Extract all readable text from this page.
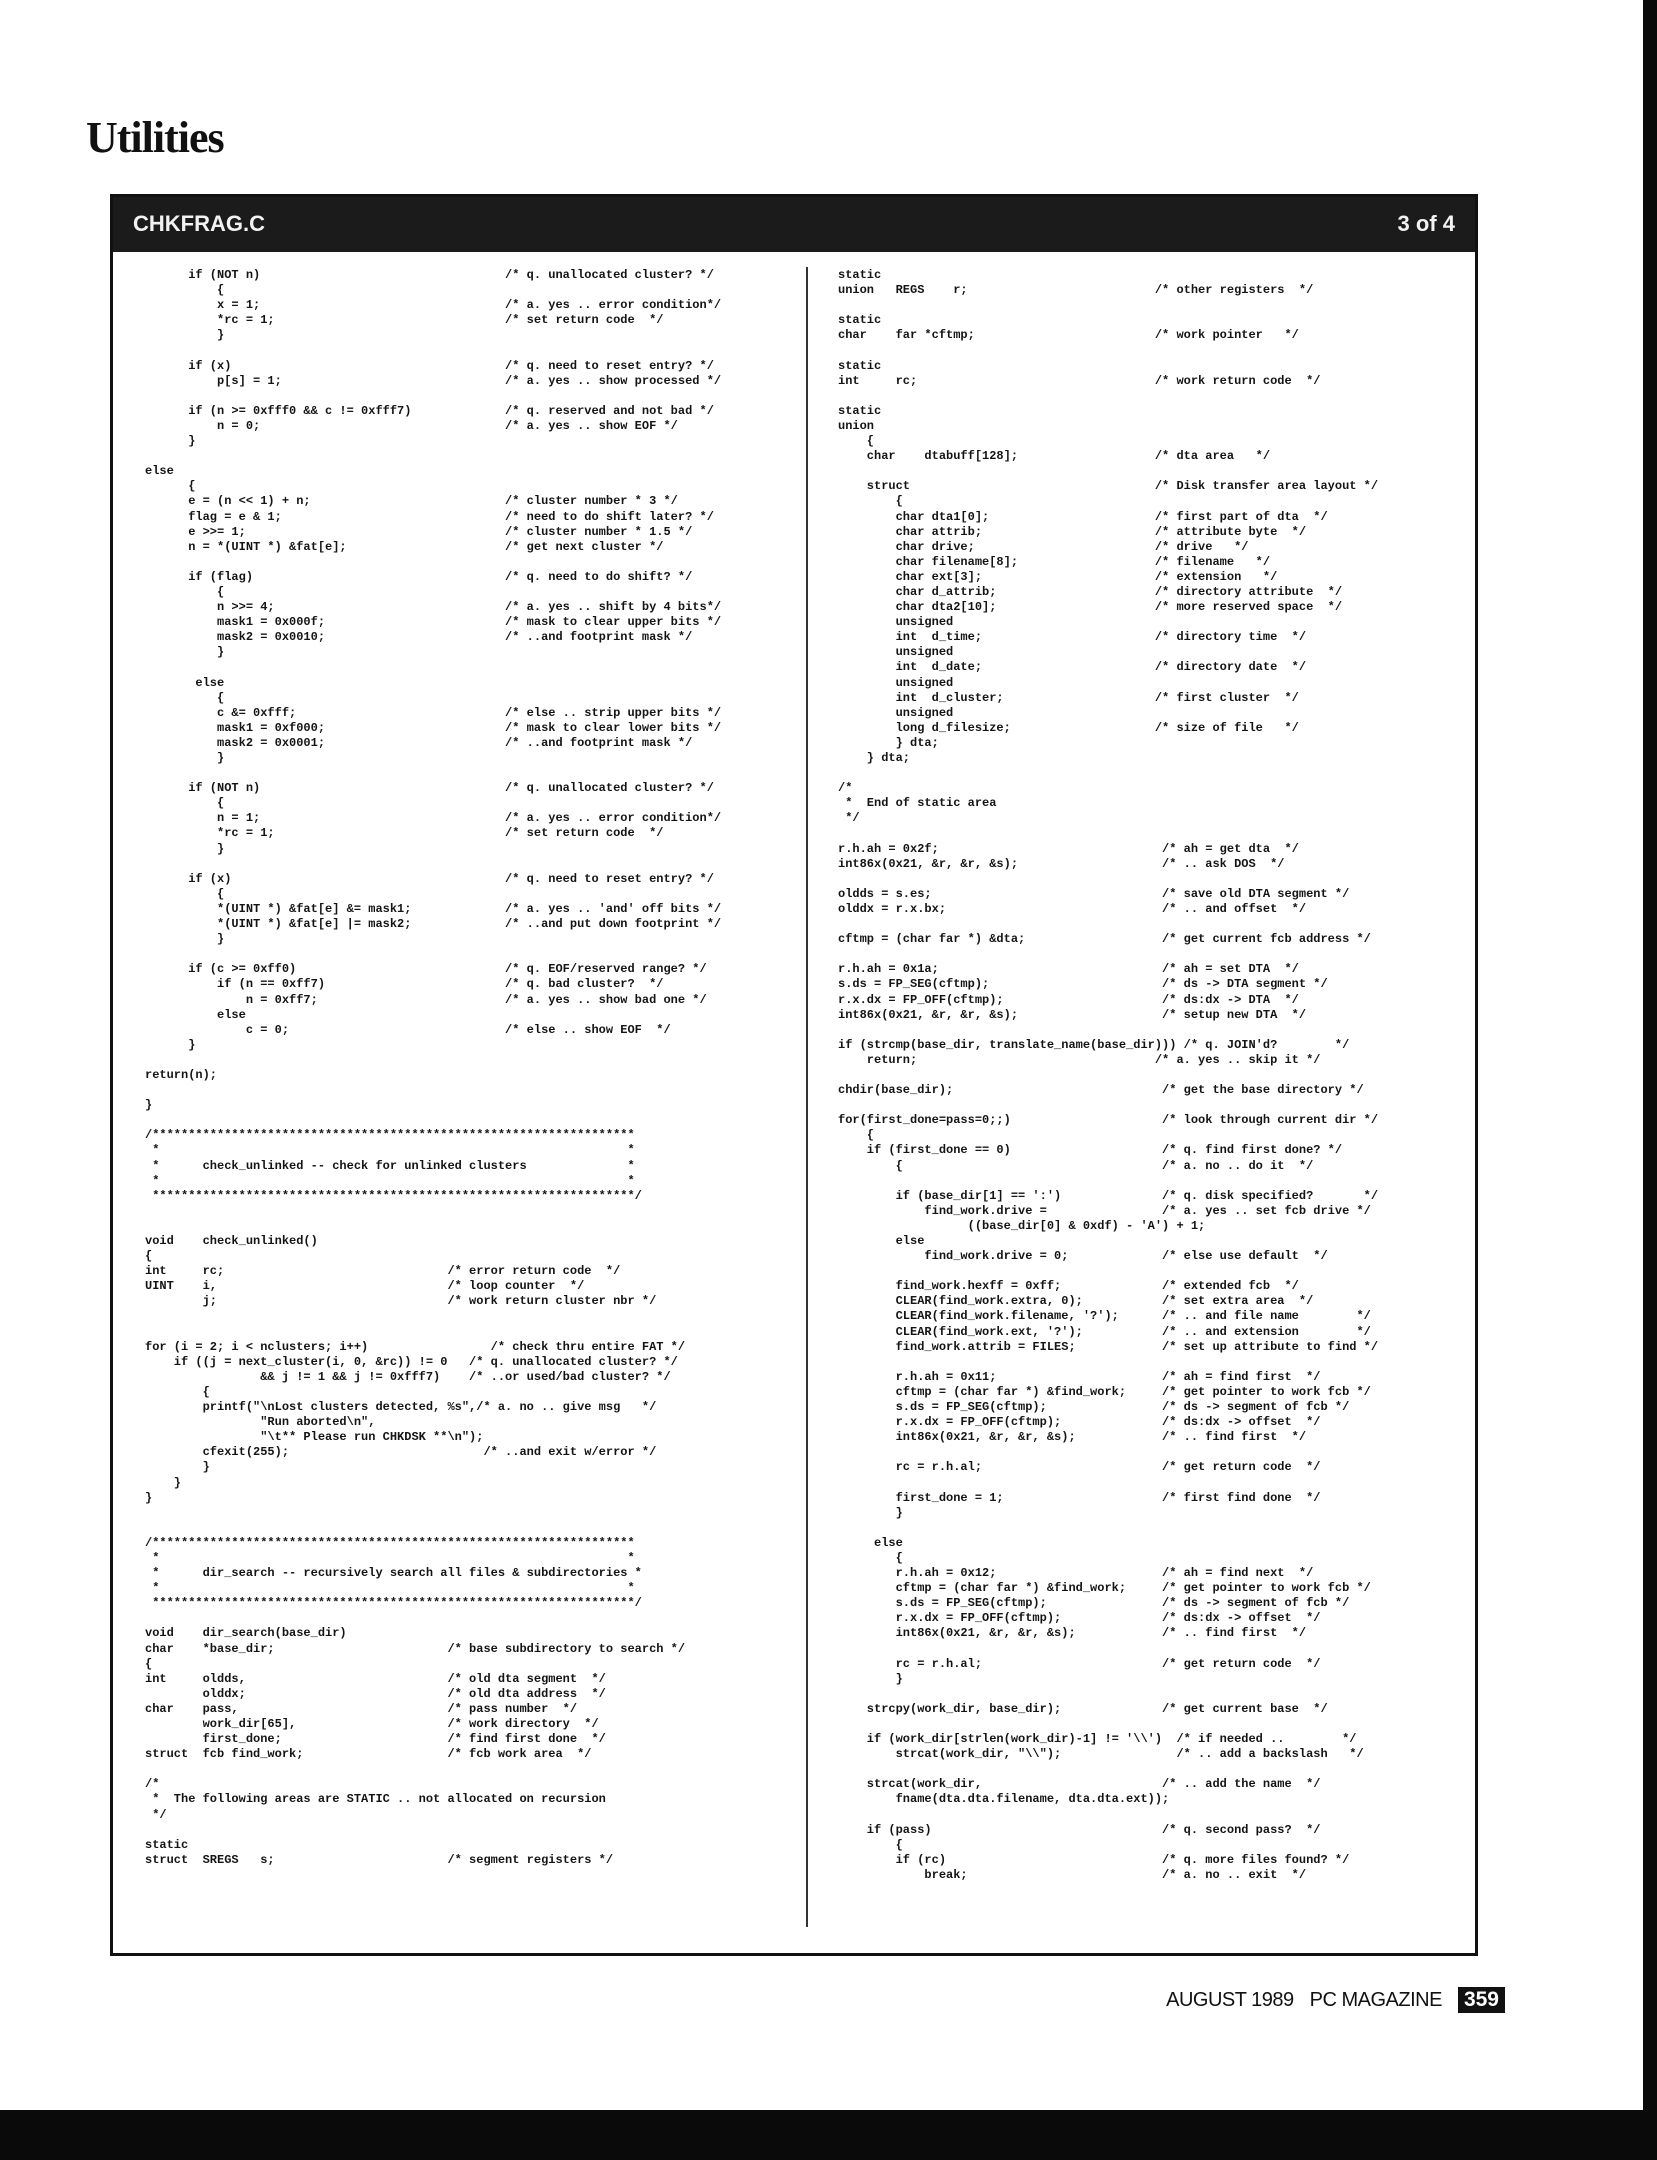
Utilities
CHKFRAG.C	3 of 4
if (NOT n)                                  /* q. unallocated cluster? */
{
x = 1;                                  /* a. yes .. error condition*/
*rc = 1;                                /* set return code  */
}

if (x)                                      /* q. need to reset entry? */
p[s] = 1;                               /* a. yes .. show processed */

if (n >= 0xfff0 && c != 0xfff7)             /* q. reserved and not bad */
n = 0;                                  /* a. yes .. show EOF */
}

else
{
e = (n << 1) + n;                           /* cluster number * 3 */
flag = e & 1;                               /* need to do shift later? */
e >>= 1;                                    /* cluster number * 1.5 */
n = *(UINT *) &fat[e];                      /* get next cluster */

if (flag)                                   /* q. need to do shift? */
{
n >>= 4;                                /* a. yes .. shift by 4 bits*/
mask1 = 0x000f;                         /* mask to clear upper bits */
mask2 = 0x0010;                         /* ..and footprint mask */
}

else
{
c &= 0xfff;                             /* else .. strip upper bits */
mask1 = 0xf000;                         /* mask to clear lower bits */
mask2 = 0x0001;                         /* ..and footprint mask */
}

if (NOT n)                                  /* q. unallocated cluster? */
{
n = 1;                                  /* a. yes .. error condition*/
*rc = 1;                                /* set return code  */
}

if (x)                                      /* q. need to reset entry? */
{
*(UINT *) &fat[e] &= mask1;             /* a. yes .. 'and' off bits */
*(UINT *) &fat[e] |= mask2;             /* ..and put down footprint */
}

if (c >= 0xff0)                             /* q. EOF/reserved range? */
if (n == 0xff7)                         /* q. bad cluster?  */
n = 0xff7;                          /* a. yes .. show bad one */
else
c = 0;                              /* else .. show EOF  */
}

return(n);

}

/*******************************************************************
*                                                                 *
*      check_unlinked -- check for unlinked clusters              *
*                                                                 *
*******************************************************************/

void    check_unlinked()
{
int     rc;                               /* error return code  */
UINT    i,                                /* loop counter  */
j;                                /* work return cluster nbr */

for (i = 2; i < nclusters; i++)                 /* check thru entire FAT */
if ((j = next_cluster(i, 0, &rc)) != 0   /* q. unallocated cluster? */
&& j != 1 && j != 0xfff7)    /* ..or used/bad cluster? */
{
printf("\nLost clusters detected, %s",/* a. no .. give msg   */
"Run aborted\n",
"\t** Please run CHKDSK **\n");
cfexit(255);                           /* ..and exit w/error */
}
}
}

/*******************************************************************
*                                                                 *
*      dir_search -- recursively search all files & subdirectories *
*                                                                 *
*******************************************************************/

void    dir_search(base_dir)
char    *base_dir;                        /* base subdirectory to search */
{
int     oldds,                            /* old dta segment  */
olddx;                            /* old dta address  */
char    pass,                             /* pass number  */
work_dir[65],                     /* work directory  */
first_done;                       /* find first done  */
struct  fcb find_work;                    /* fcb work area  */

/*
*  The following areas are STATIC .. not allocated on recursion
*/

static
struct  SREGS   s;                        /* segment registers */
static
union   REGS    r;                          /* other registers  */

static
char    far *cftmp;                         /* work pointer   */

static
int     rc;                                 /* work return code  */

static
union
{
char    dtabuff[128];                   /* dta area   */

struct                                  /* Disk transfer area layout */
{
char dta1[0];                       /* first part of dta  */
char attrib;                        /* attribute byte  */
char drive;                         /* drive   */
char filename[8];                   /* filename   */
char ext[3];                        /* extension   */
char d_attrib;                      /* directory attribute  */
char dta2[10];                      /* more reserved space  */
unsigned
int  d_time;                        /* directory time  */
unsigned
int  d_date;                        /* directory date  */
unsigned
int  d_cluster;                     /* first cluster  */
unsigned
long d_filesize;                    /* size of file   */
} dta;
} dta;

/*
*  End of static area
*/

r.h.ah = 0x2f;                               /* ah = get dta  */
int86x(0x21, &r, &r, &s);                    /* .. ask DOS  */

oldds = s.es;                                /* save old DTA segment */
olddx = r.x.bx;                              /* .. and offset  */

cftmp = (char far *) &dta;                   /* get current fcb address */

r.h.ah = 0x1a;                               /* ah = set DTA  */
s.ds = FP_SEG(cftmp);                        /* ds -> DTA segment */
r.x.dx = FP_OFF(cftmp);                      /* ds:dx -> DTA  */
int86x(0x21, &r, &r, &s);                    /* setup new DTA  */

if (strcmp(base_dir, translate_name(base_dir))) /* q. JOIN'd?        */
return;                                 /* a. yes .. skip it */

chdir(base_dir);                             /* get the base directory */

for(first_done=pass=0;;)                     /* look through current dir */
{
if (first_done == 0)                     /* q. find first done? */
{                                    /* a. no .. do it  */

if (base_dir[1] == ':')              /* q. disk specified?       */
find_work.drive =                /* a. yes .. set fcb drive */
((base_dir[0] & 0xdf) - 'A') + 1;
else
find_work.drive = 0;             /* else use default  */

find_work.hexff = 0xff;              /* extended fcb  */
CLEAR(find_work.extra, 0);           /* set extra area  */
CLEAR(find_work.filename, '?');      /* .. and file name        */
CLEAR(find_work.ext, '?');           /* .. and extension        */
find_work.attrib = FILES;            /* set up attribute to find */

r.h.ah = 0x11;                       /* ah = find first  */
cftmp = (char far *) &find_work;     /* get pointer to work fcb */
s.ds = FP_SEG(cftmp);                /* ds -> segment of fcb */
r.x.dx = FP_OFF(cftmp);              /* ds:dx -> offset  */
int86x(0x21, &r, &r, &s);            /* .. find first  */

rc = r.h.al;                         /* get return code  */

first_done = 1;                      /* first find done  */
}

else
{
r.h.ah = 0x12;                       /* ah = find next  */
cftmp = (char far *) &find_work;     /* get pointer to work fcb */
s.ds = FP_SEG(cftmp);                /* ds -> segment of fcb */
r.x.dx = FP_OFF(cftmp);              /* ds:dx -> offset  */
int86x(0x21, &r, &r, &s);            /* .. find first  */

rc = r.h.al;                         /* get return code  */
}

strcpy(work_dir, base_dir);              /* get current base  */

if (work_dir[strlen(work_dir)-1] != '\\')  /* if needed ..        */
strcat(work_dir, "\\");                /* .. add a backslash   */

strcat(work_dir,                         /* .. add the name  */
fname(dta.dta.filename, dta.dta.ext));

if (pass)                                /* q. second pass?  */
{
if (rc)                              /* q. more files found? */
break;                           /* a. no .. exit  */
AUGUST 1989 PC MAGAZINE 359
